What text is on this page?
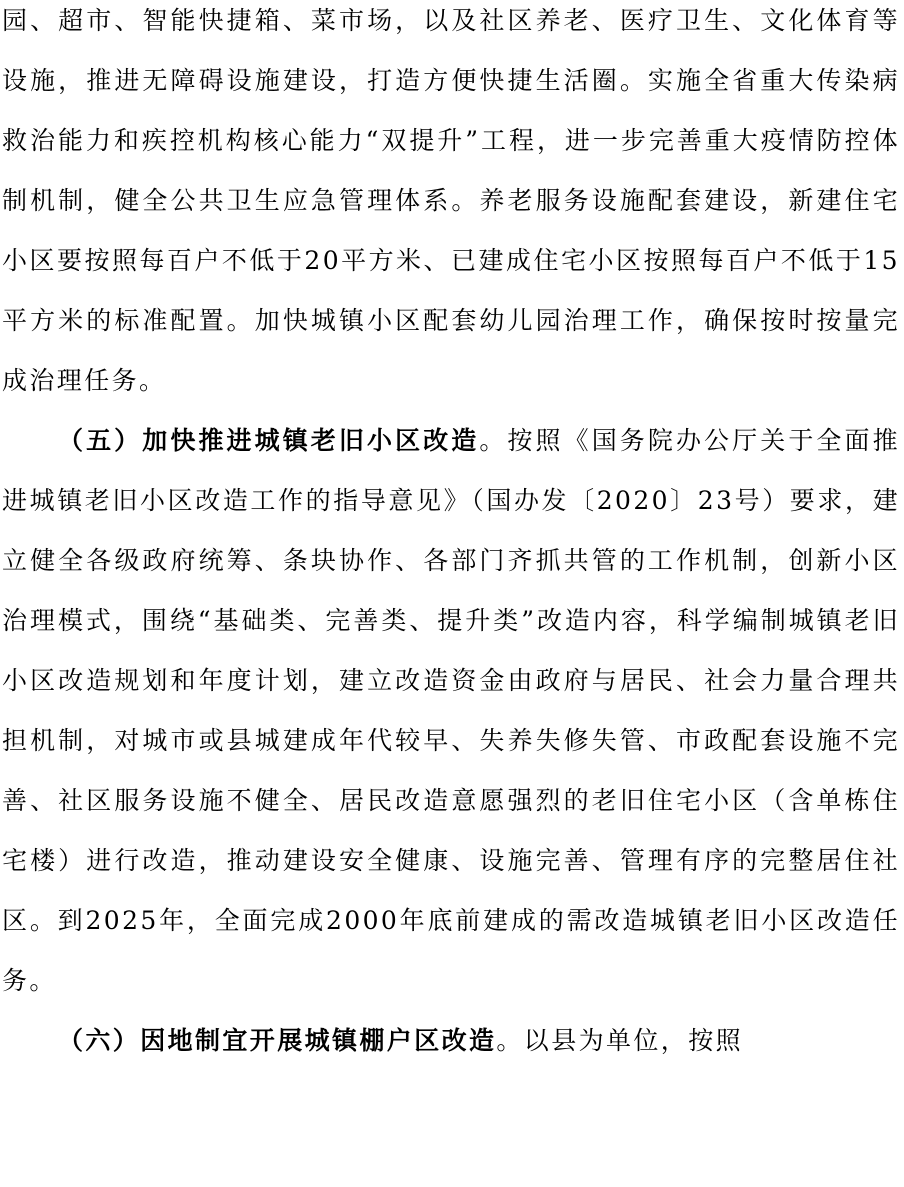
园、超市、智能快捷箱、菜市场，以及社区养老、医疗卫生、文化体育等设施，推进无障碍设施建设，打造方便快捷生活圈。实施全省重大传染病救治能力和疾控机构核心能力“双提升”工程，进一步完善重大疫情防控体制机制，健全公共卫生应急管理体系。养老服务设施配套建设，新建住宅小区要按照每百户不低于20平方米、已建成住宅小区按照每百户不低于15平方米的标准配置。加快城镇小区配套幼儿园治理工作，确保按时按量完成治理任务。

（五）加快推进城镇老旧小区改造。按照《国务院办公厅关于全面推进城镇老旧小区改造工作的指导意见》（国办发〔2020〕23号）要求，建立健全各级政府统筹、条块协作、各部门齐抓共管的工作机制，创新小区治理模式，围绕“基础类、完善类、提升类”改造内容，科学编制城镇老旧小区改造规划和年度计划，建立改造资金由政府与居民、社会力量合理共担机制，对城市或县城建成年代较早、失养失修失管、市政配套设施不完善、社区服务设施不健全、居民改造意愿强烈的老旧住宅小区（含单栋住宅楼）进行改造，推动建设安全健康、设施完善、管理有序的完整居住社区。到2025年，全面完成2000年底前建成的需改造城镇老旧小区改造任务。

（六）因地制宜开展城镇棚户区改造。以县为单位，按照
